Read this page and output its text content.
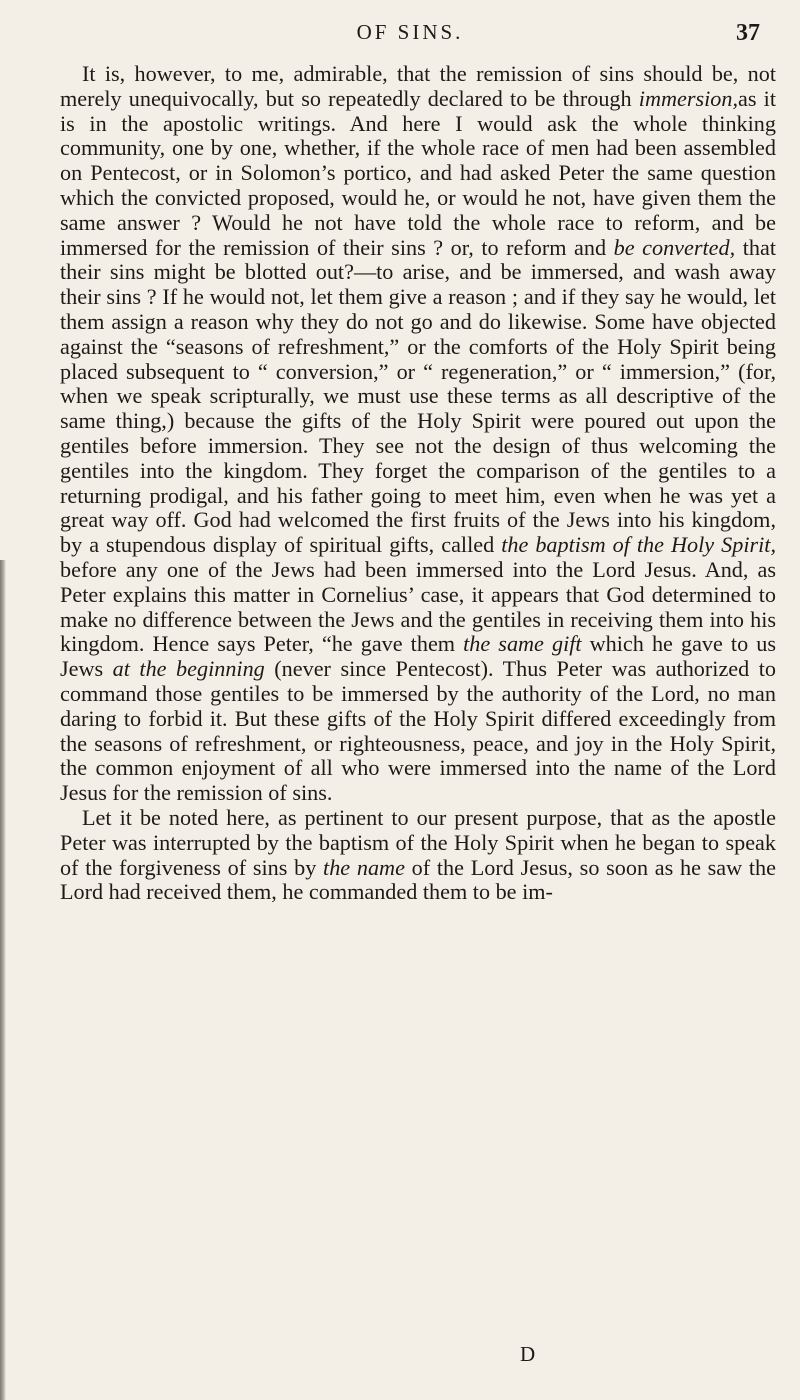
OF SINS.	37

It is, however, to me, admirable, that the remission of sins should be, not merely unequivocally, but so repeatedly declared to be through immersion,as it is in the apostolic writings. And here I would ask the whole thinking community, one by one, whether, if the whole race of men had been assembled on Pentecost, or in Solomon’s portico, and had asked Peter the same question which the convicted proposed, would he, or would he not, have given them the same answer ? Would he not have told the whole race to reform, and be immersed for the remission of their sins ? or, to reform and be converted, that their sins might be blotted out?—to arise, and be immersed, and wash away their sins ? If he would not, let them give a reason ; and if they say he would, let them assign a reason why they do not go and do likewise. Some have objected against the “seasons of refreshment,” or the comforts of the Holy Spirit being placed subsequent to “ conversion,” or “ regeneration,” or “ immersion,” (for, when we speak scripturally, we must use these terms as all descriptive of the same thing,) because the gifts of the Holy Spirit were poured out upon the gentiles before immersion. They see not the design of thus welcoming the gentiles into the kingdom. They forget the comparison of the gentiles to a returning prodigal, and his father going to meet him, even when he was yet a great way off. God had welcomed the first fruits of the Jews into his kingdom, by a stupendous display of spiritual gifts, called the baptism of the Holy Spirit, before any one of the Jews had been immersed into the Lord Jesus. And, as Peter explains this matter in Cornelius’ case, it appears that God determined to make no difference between the Jews and the gentiles in receiving them into his kingdom. Hence says Peter, “he gave them the same gift which he gave to us Jews at the beginning (never since Pentecost). Thus Peter was authorized to command those gentiles to be immersed by the authority of the Lord, no man daring to forbid it. But these gifts of the Holy Spirit differed exceedingly from the seasons of refreshment, or righteousness, peace, and joy in the Holy Spirit, the common enjoyment of all who were immersed into the name of the Lord Jesus for the remission of sins.

Let it be noted here, as pertinent to our present purpose, that as the apostle Peter was interrupted by the baptism of the Holy Spirit when he began to speak of the forgiveness of sins by the name of the Lord Jesus, so soon as he saw the Lord had received them, he commanded them to be im-

D
